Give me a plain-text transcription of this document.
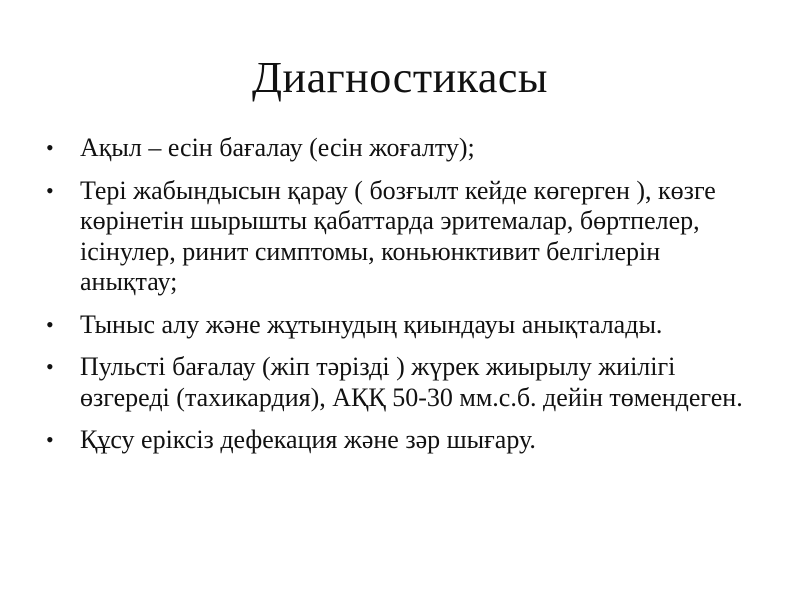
Диагностикасы
•	Ақыл – есін бағалау (есін жоғалту);
•	Тері жабындысын қарау ( бозғылт кейде көгерген ), көзге көрінетін шырышты қабаттарда эритемалар, бөртпелер, ісінулер, ринит симптомы, коньюнктивит белгілерін анықтау;
•	Тыныс алу және жұтынудың қиындауы анықталады.
•	Пульсті бағалау (жіп тәрізді ) жүрек жиырылу жиілігі өзгереді (тахикардия), АҚҚ 50-30 мм.с.б. дейін төмендеген.
•	Құсу еріксіз дефекация және зәр шығару.
